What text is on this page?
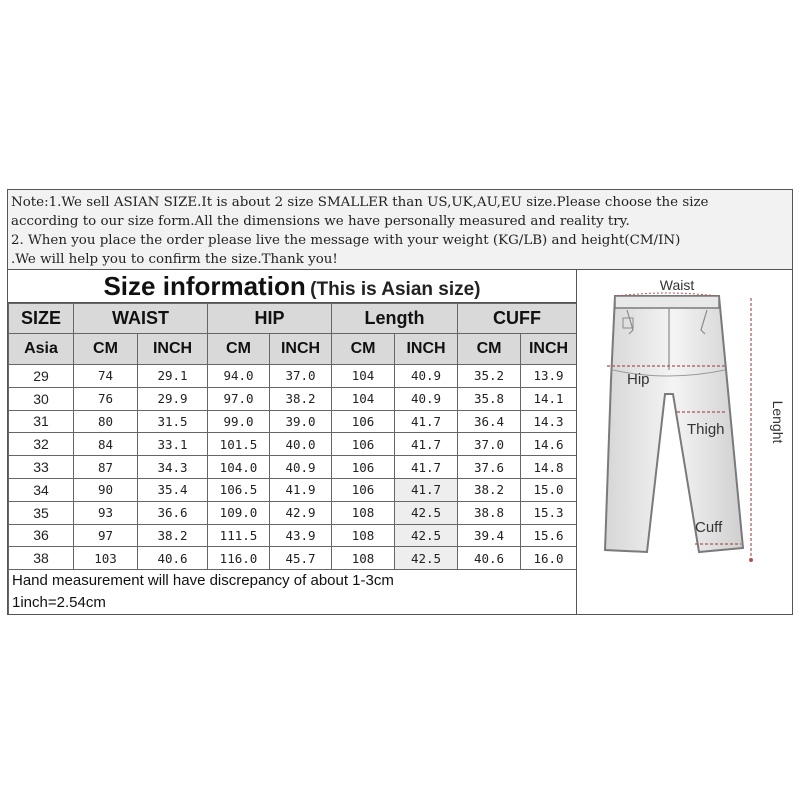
Note:1.We sell ASIAN SIZE.It is about 2 size SMALLER than US,UK,AU,EU size.Please choose the size
according to our size form.All the dimensions we have personally measured and reality try.
2. When you place the order please live the message with your weight (KG/LB) and height(CM/IN)
.We will help you to confirm the size.Thank you!
Size information (This is Asian size)
SIZE	WAIST		HIP		Length		CUFF	
Asia	CM	INCH	CM	INCH	CM	INCH	CM	INCH
29	74	29.1	94.0	37.0	104	40.9	35.2	13.9
30	76	29.9	97.0	38.2	104	40.9	35.8	14.1
31	80	31.5	99.0	39.0	106	41.7	36.4	14.3
32	84	33.1	101.5	40.0	106	41.7	37.0	14.6
33	87	34.3	104.0	40.9	106	41.7	37.6	14.8
34	90	35.4	106.5	41.9	106	41.7	38.2	15.0
35	93	36.6	109.0	42.9	108	42.5	38.8	15.3
36	97	38.2	111.5	43.9	108	42.5	39.4	15.6
38	103	40.6	116.0	45.7	108	42.5	40.6	16.0

Hand measurement will have discrepancy of about 1-3cm
1inch=2.54cm								
Waist
Hip
Thigh
Cuff
Lenght
